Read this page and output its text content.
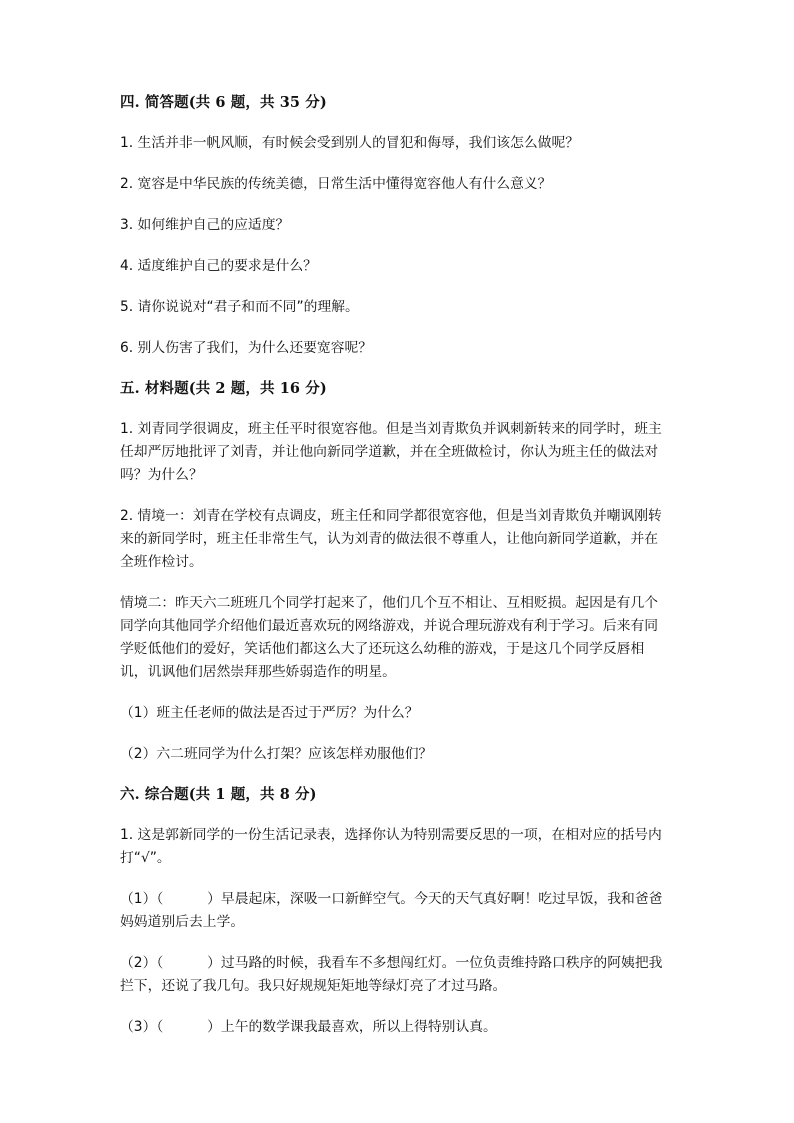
四. 简答题(共 6 题，共 35 分)
1. 生活并非一帆风顺，有时候会受到别人的冒犯和侮辱，我们该怎么做呢？
2. 宽容是中华民族的传统美德，日常生活中懂得宽容他人有什么意义？
3. 如何维护自己的应适度？
4. 适度维护自己的要求是什么？
5. 请你说说对“君子和而不同”的理解。
6. 别人伤害了我们，为什么还要宽容呢？
五. 材料题(共 2 题，共 16 分)
1. 刘青同学很调皮，班主任平时很宽容他。但是当刘青欺负并讽刺新转来的同学时，班主任却严厉地批评了刘青，并让他向新同学道歉，并在全班做检讨，你认为班主任的做法对吗？为什么？
2. 情境一：刘青在学校有点调皮，班主任和同学都很宽容他，但是当刘青欺负并嘲讽刚转来的新同学时，班主任非常生气，认为刘青的做法很不尊重人，让他向新同学道歉，并在全班作检讨。
情境二：昨天六二班班几个同学打起来了，他们几个互不相让、互相贬损。起因是有几个同学向其他同学介绍他们最近喜欢玩的网络游戏，并说合理玩游戏有利于学习。后来有同学贬低他们的爱好，笑话他们都这么大了还玩这么幼稚的游戏，于是这几个同学反唇相讥，讥讽他们居然崇拜那些娇弱造作的明星。
（1）班主任老师的做法是否过于严厉？为什么？
（2）六二班同学为什么打架？应该怎样劝服他们？
六. 综合题(共 1 题，共 8 分)
1. 这是郭新同学的一份生活记录表，选择你认为特别需要反思的一项，在相对应的括号内打“√”。
（1）（          ）早晨起床，深吸一口新鲜空气。今天的天气真好啊！吃过早饭，我和爸爸妈妈道别后去上学。
（2）（          ）过马路的时候，我看车不多想闯红灯。一位负责维持路口秩序的阿姨把我拦下，还说了我几句。我只好规规矩矩地等绿灯亮了才过马路。
（3）（          ）上午的数学课我最喜欢，所以上得特别认真。
